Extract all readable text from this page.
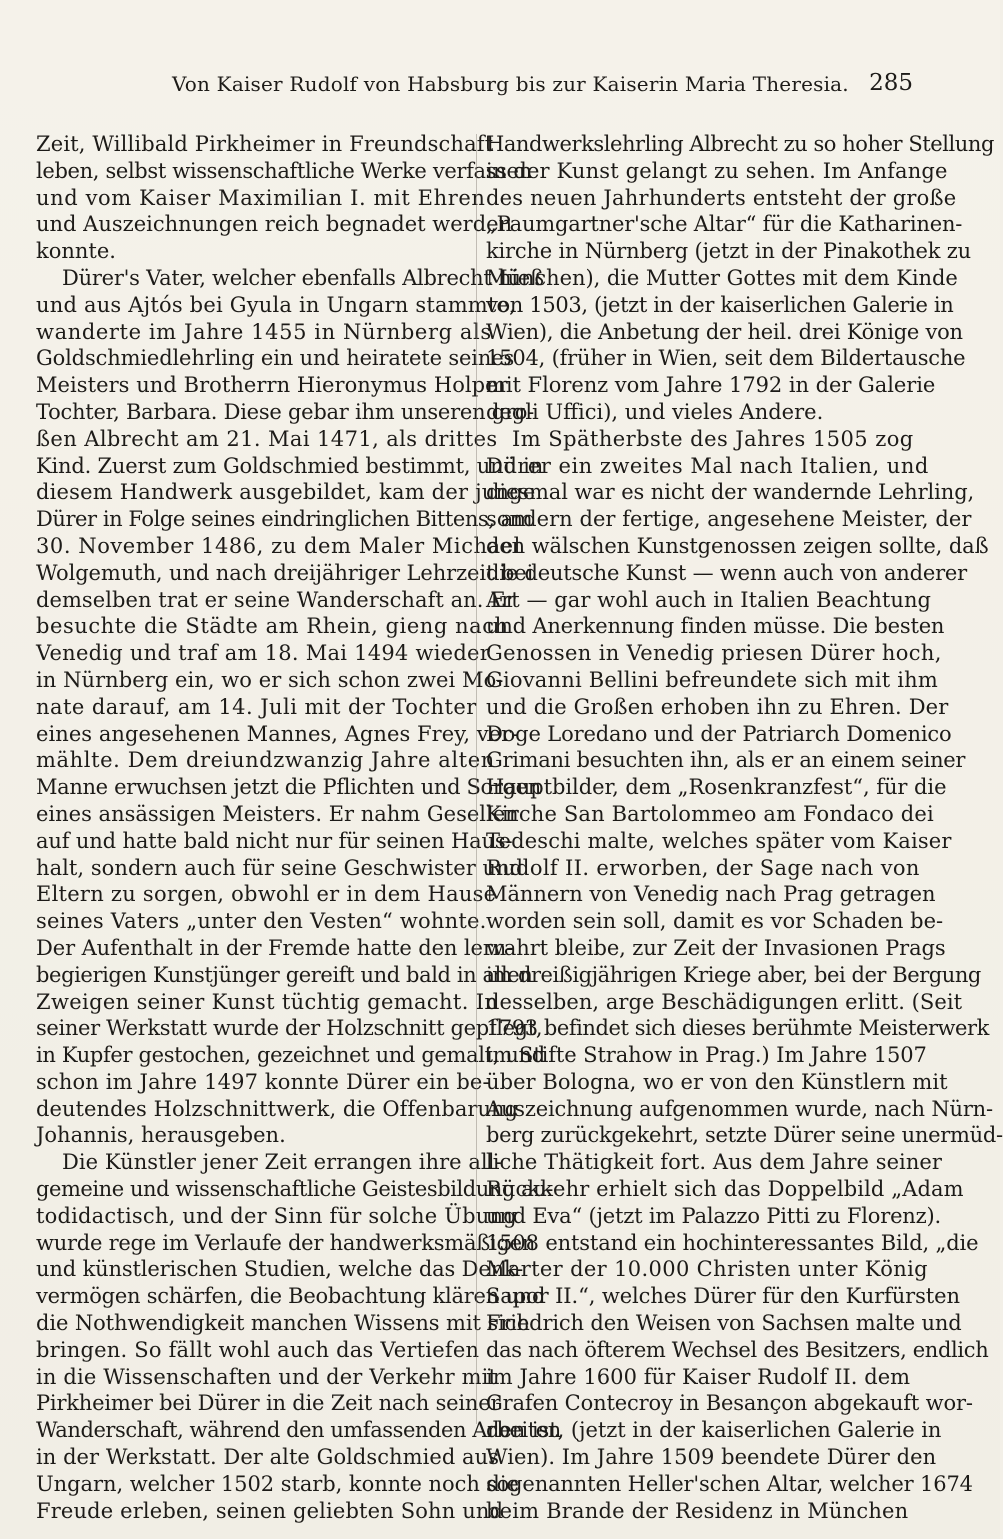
Von Kaiser Rudolf von Habsburg bis zur Kaiserin Maria Theresia. 285
Zeit, Willibald Pirkheimer in Freundschaft
leben, selbst wissenschaftliche Werke verfassen
und vom Kaiser Maximilian I. mit Ehren
und Auszeichnungen reich begnadet werden
konnte.
Dürer's Vater, welcher ebenfalls Albrecht hieß
und aus Ajtós bei Gyula in Ungarn stammte,
wanderte im Jahre 1455 in Nürnberg als
Goldschmiedlehrling ein und heiratete seines
Meisters und Brotherrn Hieronymus Holper
Tochter, Barbara. Diese gebar ihm unseren gro-
ßen Albrecht am 21. Mai 1471, als drittes
Kind. Zuerst zum Goldschmied bestimmt, und in
diesem Handwerk ausgebildet, kam der junge
Dürer in Folge seines eindringlichen Bittens, am
30. November 1486, zu dem Maler Michael
Wolgemuth, und nach dreijähriger Lehrzeit bei
demselben trat er seine Wanderschaft an. Er
besuchte die Städte am Rhein, gieng nach
Venedig und traf am 18. Mai 1494 wieder
in Nürnberg ein, wo er sich schon zwei Mo-
nate darauf, am 14. Juli mit der Tochter
eines angesehenen Mannes, Agnes Frey, ver-
mählte. Dem dreiundzwanzig Jahre alten
Manne erwuchsen jetzt die Pflichten und Sorgen
eines ansässigen Meisters. Er nahm Gesellen
auf und hatte bald nicht nur für seinen Haus-
halt, sondern auch für seine Geschwister und
Eltern zu sorgen, obwohl er in dem Hause
seines Vaters „unter den Vesten“ wohnte.
Der Aufenthalt in der Fremde hatte den lern-
begierigen Kunstjünger gereift und bald in allen
Zweigen seiner Kunst tüchtig gemacht. In
seiner Werkstatt wurde der Holzschnitt gepflegt,
in Kupfer gestochen, gezeichnet und gemalt, und
schon im Jahre 1497 konnte Dürer ein be-
deutendes Holzschnittwerk, die Offenbarung
Johannis, herausgeben.
Die Künstler jener Zeit errangen ihre all-
gemeine und wissenschaftliche Geistesbildung au-
todidactisch, und der Sinn für solche Übung
wurde rege im Verlaufe der handwerksmäßigen
und künstlerischen Studien, welche das Denk-
vermögen schärfen, die Beobachtung klären und
die Nothwendigkeit manchen Wissens mit sich
bringen. So fällt wohl auch das Vertiefen
in die Wissenschaften und der Verkehr mit
Pirkheimer bei Dürer in die Zeit nach seiner
Wanderschaft, während den umfassenden Arbeiten
in der Werkstatt. Der alte Goldschmied aus
Ungarn, welcher 1502 starb, konnte noch die
Freude erleben, seinen geliebten Sohn und
Handwerkslehrling Albrecht zu so hoher Stellung
in der Kunst gelangt zu sehen. Im Anfange
des neuen Jahrhunderts entsteht der große
„Paumgartner'sche Altar“ für die Katharinen-
kirche in Nürnberg (jetzt in der Pinakothek zu
München), die Mutter Gottes mit dem Kinde
von 1503, (jetzt in der kaiserlichen Galerie in
Wien), die Anbetung der heil. drei Könige von
1504, (früher in Wien, seit dem Bildertausche
mit Florenz vom Jahre 1792 in der Galerie
degli Uffici), und vieles Andere.
Im Spätherbste des Jahres 1505 zog
Dürer ein zweites Mal nach Italien, und
diesmal war es nicht der wandernde Lehrling,
sondern der fertige, angesehene Meister, der
den wälschen Kunstgenossen zeigen sollte, daß
die deutsche Kunst — wenn auch von anderer
Art — gar wohl auch in Italien Beachtung
und Anerkennung finden müsse. Die besten
Genossen in Venedig priesen Dürer hoch,
Giovanni Bellini befreundete sich mit ihm
und die Großen erhoben ihn zu Ehren. Der
Doge Loredano und der Patriarch Domenico
Grimani besuchten ihn, als er an einem seiner
Hauptbilder, dem „Rosenkranzfest“, für die
Kirche San Bartolommeo am Fondaco dei
Tedeschi malte, welches später vom Kaiser
Rudolf II. erworben, der Sage nach von
Männern von Venedig nach Prag getragen
worden sein soll, damit es vor Schaden be-
wahrt bleibe, zur Zeit der Invasionen Prags
im dreißigjährigen Kriege aber, bei der Bergung
desselben, arge Beschädigungen erlitt. (Seit
1793 befindet sich dieses berühmte Meisterwerk
im Stifte Strahow in Prag.) Im Jahre 1507
über Bologna, wo er von den Künstlern mit
Auszeichnung aufgenommen wurde, nach Nürn-
berg zurückgekehrt, setzte Dürer seine unermüd-
liche Thätigkeit fort. Aus dem Jahre seiner
Rückkehr erhielt sich das Doppelbild „Adam
und Eva“ (jetzt im Palazzo Pitti zu Florenz).
1508 entstand ein hochinteressantes Bild, „die
Marter der 10.000 Christen unter König
Sapor II.“, welches Dürer für den Kurfürsten
Friedrich den Weisen von Sachsen malte und
das nach öfterem Wechsel des Besitzers, endlich
im Jahre 1600 für Kaiser Rudolf II. dem
Grafen Contecroy in Besançon abgekauft wor-
den ist, (jetzt in der kaiserlichen Galerie in
Wien). Im Jahre 1509 beendete Dürer den
sogenannten Heller'schen Altar, welcher 1674
beim Brande der Residenz in München
